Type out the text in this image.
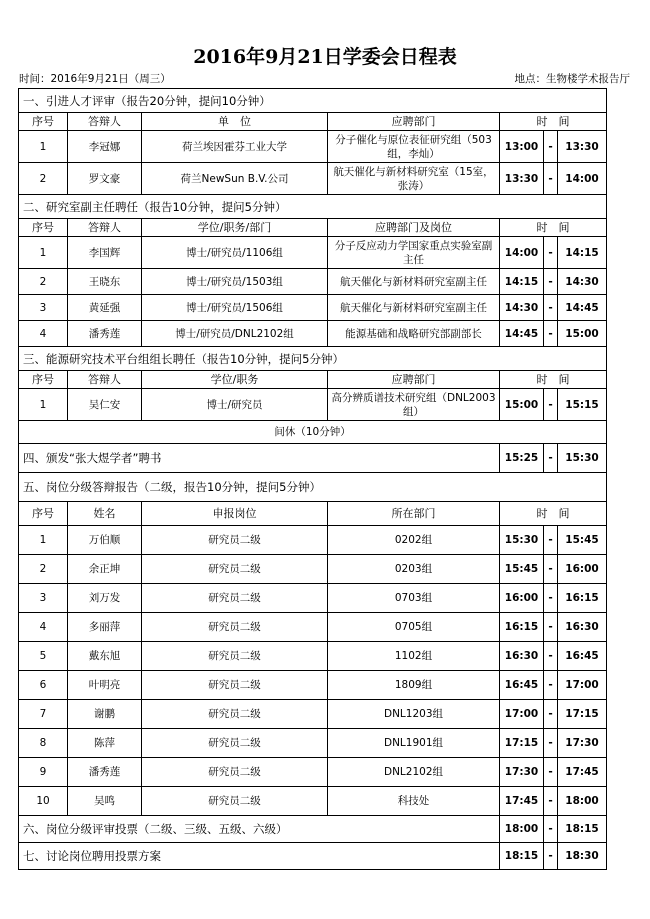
2016年9月21日学委会日程表
时间：2016年9月21日（周三）	地点：生物楼学术报告厅
一、引进人才评审（报告20分钟，提问10分钟）						
序号	答辩人	单　位	应聘部门	时　间		
1	李冠娜	荷兰埃因霍芬工业大学	分子催化与原位表征研究组（503组，李灿）	13:00	-	13:30
2	罗文豪	荷兰NewSun B.V.公司	航天催化与新材料研究室（15室，张涛）	13:30	-	14:00
二、研究室副主任聘任（报告10分钟，提问5分钟）						
序号	答辩人	学位/职务/部门	应聘部门及岗位	时　间		
1	李国辉	博士/研究员/1106组	分子反应动力学国家重点实验室副主任	14:00	-	14:15
2	王晓东	博士/研究员/1503组	航天催化与新材料研究室副主任	14:15	-	14:30
3	黄延强	博士/研究员/1506组	航天催化与新材料研究室副主任	14:30	-	14:45
4	潘秀莲	博士/研究员/DNL2102组	能源基础和战略研究部副部长	14:45	-	15:00
三、能源研究技术平台组组长聘任（报告10分钟，提问5分钟）						
序号	答辩人	学位/职务	应聘部门	时　间		
1	吴仁安	博士/研究员	高分辨质谱技术研究组（DNL2003组）	15:00	-	15:15
间休（10分钟）						
四、颁发“张大煜学者”聘书				15:25	-	15:30
五、岗位分级答辩报告（二级，报告10分钟，提问5分钟）						
序号	姓名	申报岗位	所在部门	时　间		
1	万伯顺	研究员二级	0202组	15:30	-	15:45
2	余正坤	研究员二级	0203组	15:45	-	16:00
3	刘万发	研究员二级	0703组	16:00	-	16:15
4	多丽萍	研究员二级	0705组	16:15	-	16:30
5	戴东旭	研究员二级	1102组	16:30	-	16:45
6	叶明亮	研究员二级	1809组	16:45	-	17:00
7	谢鹏	研究员二级	DNL1203组	17:00	-	17:15
8	陈萍	研究员二级	DNL1901组	17:15	-	17:30
9	潘秀莲	研究员二级	DNL2102组	17:30	-	17:45
10	吴鸣	研究员二级	科技处	17:45	-	18:00
六、岗位分级评审投票（二级、三级、五级、六级）				18:00	-	18:15
七、讨论岗位聘用投票方案				18:15	-	18:30
